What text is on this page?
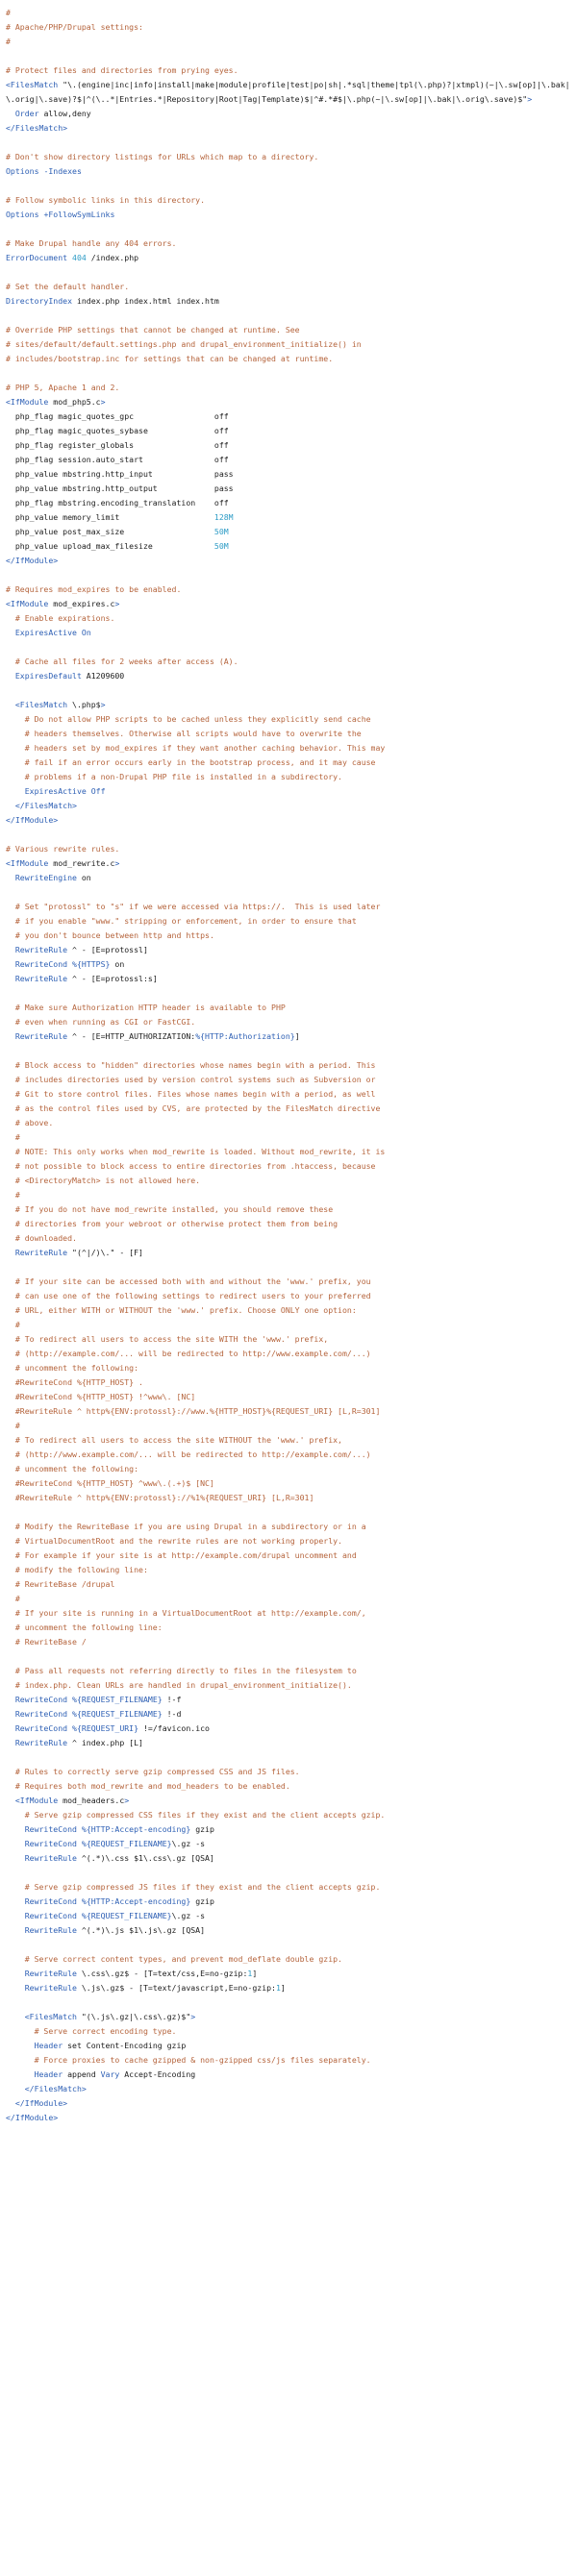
#
# Apache/PHP/Drupal settings:
#

# Protect files and directories from prying eyes.
<FilesMatch "\.(engine|inc|info|install|make|module|profile|test|po|sh|.*sql|theme|tpl(\.php)?|xtmpl)(~|\.sw[op]|\.bak|\.orig|\.save)?$|^(\..*|Entries.*|Repository|Root|Tag|Template)$|^#.*#$|\.php(~|\.sw[op]|\.bak|\.orig\.save)$">
Order allow,deny
</FilesMatch>

# Don't show directory listings for URLs which map to a directory.
Options -Indexes

# Follow symbolic links in this directory.
Options +FollowSymLinks

# Make Drupal handle any 404 errors.
ErrorDocument 404 /index.php

# Set the default handler.
DirectoryIndex index.php index.html index.htm

# Override PHP settings that cannot be changed at runtime. See
# sites/default/default.settings.php and drupal_environment_initialize() in
# includes/bootstrap.inc for settings that can be changed at runtime.

# PHP 5, Apache 1 and 2.
<IfModule mod_php5.c>
php_flag magic_quotes_gpc                 off
php_flag magic_quotes_sybase              off
php_flag register_globals                 off
php_flag session.auto_start               off
php_value mbstring.http_input             pass
php_value mbstring.http_output            pass
php_flag mbstring.encoding_translation    off
php_value memory_limit                    128M
php_value post_max_size                   50M
php_value upload_max_filesize             50M
</IfModule>

# Requires mod_expires to be enabled.
<IfModule mod_expires.c>
# Enable expirations.
ExpiresActive On

# Cache all files for 2 weeks after access (A).
ExpiresDefault A1209600

<FilesMatch \.php$>
# Do not allow PHP scripts to be cached unless they explicitly send cache
# headers themselves. Otherwise all scripts would have to overwrite the
# headers set by mod_expires if they want another caching behavior. This may
# fail if an error occurs early in the bootstrap process, and it may cause
# problems if a non-Drupal PHP file is installed in a subdirectory.
ExpiresActive Off
</FilesMatch>
</IfModule>

# Various rewrite rules.
<IfModule mod_rewrite.c>
RewriteEngine on

# Set "protossl" to "s" if we were accessed via https://.  This is used later
# if you enable "www." stripping or enforcement, in order to ensure that
# you don't bounce between http and https.
RewriteRule ^ - [E=protossl]
RewriteCond %{HTTPS} on
RewriteRule ^ - [E=protossl:s]

# Make sure Authorization HTTP header is available to PHP
# even when running as CGI or FastCGI.
RewriteRule ^ - [E=HTTP_AUTHORIZATION:%{HTTP:Authorization}]

# Block access to "hidden" directories whose names begin with a period. This
# includes directories used by version control systems such as Subversion or
# Git to store control files. Files whose names begin with a period, as well
# as the control files used by CVS, are protected by the FilesMatch directive
# above.
#
# NOTE: This only works when mod_rewrite is loaded. Without mod_rewrite, it is
# not possible to block access to entire directories from .htaccess, because
# <DirectoryMatch> is not allowed here.
#
# If you do not have mod_rewrite installed, you should remove these
# directories from your webroot or otherwise protect them from being
# downloaded.
RewriteRule "(^|/)\." - [F]

# If your site can be accessed both with and without the 'www.' prefix, you
# can use one of the following settings to redirect users to your preferred
# URL, either WITH or WITHOUT the 'www.' prefix. Choose ONLY one option:
#
# To redirect all users to access the site WITH the 'www.' prefix,
# (http://example.com/... will be redirected to http://www.example.com/...)
# uncomment the following:
#RewriteCond %{HTTP_HOST} .
#RewriteCond %{HTTP_HOST} !^www\. [NC]
#RewriteRule ^ http%{ENV:protossl}://www.%{HTTP_HOST}%{REQUEST_URI} [L,R=301]
#
# To redirect all users to access the site WITHOUT the 'www.' prefix,
# (http://www.example.com/... will be redirected to http://example.com/...)
# uncomment the following:
#RewriteCond %{HTTP_HOST} ^www\.(.+)$ [NC]
#RewriteRule ^ http%{ENV:protossl}://%1%{REQUEST_URI} [L,R=301]

# Modify the RewriteBase if you are using Drupal in a subdirectory or in a
# VirtualDocumentRoot and the rewrite rules are not working properly.
# For example if your site is at http://example.com/drupal uncomment and
# modify the following line:
# RewriteBase /drupal
#
# If your site is running in a VirtualDocumentRoot at http://example.com/,
# uncomment the following line:
# RewriteBase /

# Pass all requests not referring directly to files in the filesystem to
# index.php. Clean URLs are handled in drupal_environment_initialize().
RewriteCond %{REQUEST_FILENAME} !-f
RewriteCond %{REQUEST_FILENAME} !-d
RewriteCond %{REQUEST_URI} !=/favicon.ico
RewriteRule ^ index.php [L]

# Rules to correctly serve gzip compressed CSS and JS files.
# Requires both mod_rewrite and mod_headers to be enabled.
<IfModule mod_headers.c>
# Serve gzip compressed CSS files if they exist and the client accepts gzip.
RewriteCond %{HTTP:Accept-encoding} gzip
RewriteCond %{REQUEST_FILENAME}\.gz -s
RewriteRule ^(.*)\.css $1\.css\.gz [QSA]

# Serve gzip compressed JS files if they exist and the client accepts gzip.
RewriteCond %{HTTP:Accept-encoding} gzip
RewriteCond %{REQUEST_FILENAME}\.gz -s
RewriteRule ^(.*)\.js $1\.js\.gz [QSA]

# Serve correct content types, and prevent mod_deflate double gzip.
RewriteRule \.css\.gz$ - [T=text/css,E=no-gzip:1]
RewriteRule \.js\.gz$ - [T=text/javascript,E=no-gzip:1]

<FilesMatch "(\.js\.gz|\.css\.gz)$">
# Serve correct encoding type.
Header set Content-Encoding gzip
# Force proxies to cache gzipped & non-gzipped css/js files separately.
Header append Vary Accept-Encoding
</FilesMatch>
</IfModule>
</IfModule>
